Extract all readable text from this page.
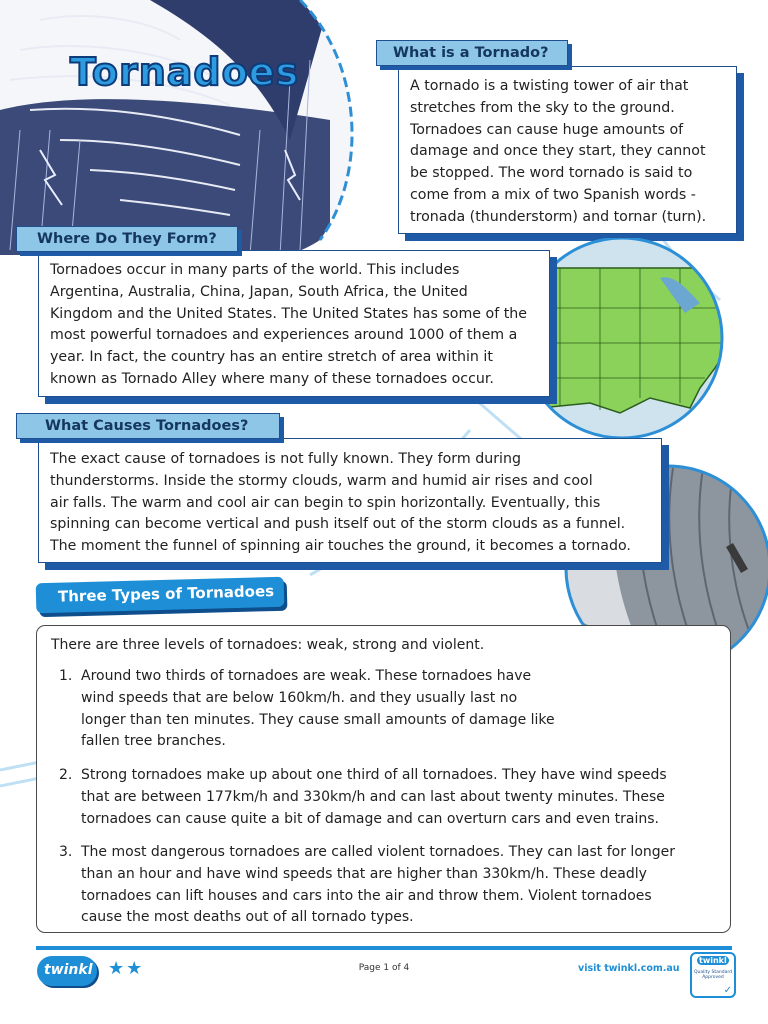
Tornadoes	A tornado is a twisting tower of air that

stretches from the sky to the ground.

Tornadoes can cause huge amounts of

damage and once they start, they cannot

be stopped. The word tornado is said to

come from a mix of two Spanish words -

tronada (thunderstorm) and tornar (turn).

What is a Tornado?

Tornadoes occur in many parts of the world. This includes

Argentina, Australia, China, Japan, South Africa, the United

Kingdom and the United States. The United States has some of the

most powerful tornadoes and experiences around 1000 of them a

year. In fact, the country has an entire stretch of area within it

known as Tornado Alley where many of these tornadoes occur.

Where Do They Form?

The exact cause of tornadoes is not fully known. They form during

thunderstorms. Inside the stormy clouds, warm and humid air rises and cool

air falls. The warm and cool air can begin to spin horizontally. Eventually, this

spinning can become vertical and push itself out of the storm clouds as a funnel.

The moment the funnel of spinning air touches the ground, it becomes a tornado.

What Causes Tornadoes?
Three Types of Tornadoes

There are three levels of tornadoes: weak, strong and violent.

1. Around two thirds of tornadoes are weak. These tornadoes have
wind speeds that are below 160km/h. and they usually last no
longer than ten minutes. They cause small amounts of damage like
fallen tree branches.
2. Strong tornadoes make up about one third of all tornadoes. They have wind speeds
that are between 177km/h and 330km/h and can last about twenty minutes. These
tornadoes can cause quite a bit of damage and can overturn cars and even trains.
3. The most dangerous tornadoes are called violent tornadoes. They can last for longer
than an hour and have wind speeds that are higher than 330km/h. These deadly
tornadoes can lift houses and cars into the air and throw them. Violent tornadoes
cause the most deaths out of all tornado types.
twinkl ★★	Page 1 of 4	visit twinkl.com.au
twinkl
Quality Standard Approved
✓
